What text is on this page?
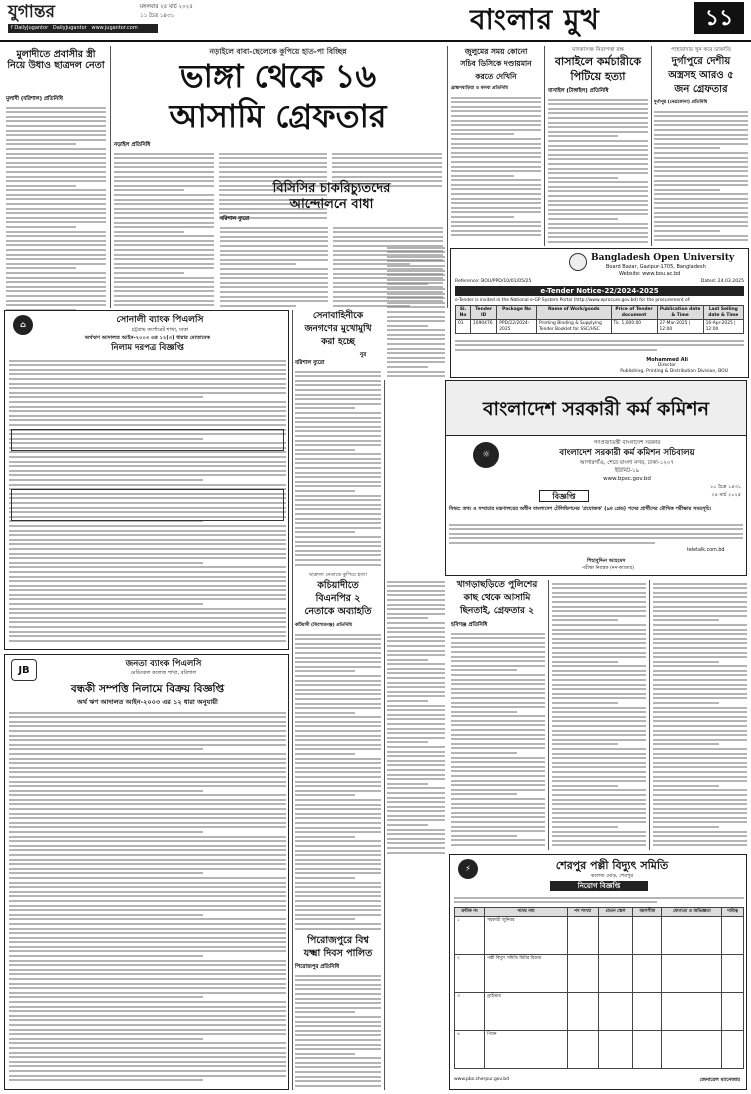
যুগান্তর	মঙ্গলবার ২৫ মার্চ ২০২৫
১১ চৈত্র ১৪৩১
f DailyJugantor DailyJugantor www.jugantor.com	বাংলার মুখ	১১
মুলাদীতে প্রবাসীর স্ত্রী নিয়ে উধাও ছাত্রদল নেতা
মুলাদী (বরিশাল) প্রতিনিধি
নড়াইলে বাবা-ছেলেকে কুপিয়ে হাত-পা বিচ্ছিন্ন
ভাঙ্গা থেকে ১৬
আসামি গ্রেফতার
নড়াইল প্রতিনিধি
বিসিসির চাকরিচ্যুতদের
আন্দোলনে বাধা
বরিশাল ব্যুরো
জুলুমের সময় কোনো
সচিব ডিসিকে দণ্ডায়মান
করতে দেখিনি
ব্রাহ্মণবাড়িয়া ও কসবা প্রতিনিধি
মাদকাসক্ত নিরাপত্তা রক্ষ
বাসাইলে কর্মচারীকে
পিটিয়ে হত্যা
বাসাইল (টাঙ্গাইল) প্রতিনিধি
পাহারাদার খুন করে ডাকাতি
দুর্গাপুরে দেশীয়
অস্ত্রসহ আরও ৫
জন গ্রেফতার
দুর্গাপুর (নেত্রকোনা) প্রতিনিধি
Bangladesh Open University
Board Bazar, Gazipur-1705, Bangladesh
Website: www.bou.ac.bd
Reference: BOU/PPD/10/01/05/25	Dated: 24.03.2025
e-Tender Notice-22/2024-2025
e-Tender is invited in the National e-GP System Portal (http://www.eprocure.gov.bd) for the procurement of:
Sl. No	Tender ID	Package No	Name of Work/goods	Price of Tender document	Publication date & Time	Last Selling date & Time
01	1090476	PPD/22/2024-2025	Printing Binding & Supplying Tender Booklet for SSC/HSC	Tk. 1,000.00	27-Mar-2025 | 12:00	16-Apr-2025 | 12:00
Mohammed Ali
Director
Publishing, Printing & Distribution Division, BOU
⌂	সোনালী ব্যাংক পিএলসি
চট্টগ্রাম কর্পোরেট শাখা, ঢাকা
অর্থঋণ আদালত আইন-২০০৩ এর ১২(৩) ধারার মোতাবেক
নিলাম দরপত্র বিজ্ঞপ্তি
সেনাবাহিনীকে
জনগণের মুখোমুখি
করা হচ্ছে
নুর
বরিশাল ব্যুরো
ছাত্রদল নেতাকে কুপিয়ে হত্যা
কচিয়াদীতে
বিএনপির ২
নেতাকে অব্যাহতি
কটিয়াদী (কিশোরগঞ্জ) প্রতিনিধি
পিরোজপুরে বিশ্ব
যক্ষ্মা দিবস পালিত
পিরোজপুর প্রতিনিধি
বাংলাদেশ সরকারী কর্ম কমিশন
☼
গণপ্রজাতন্ত্রী বাংলাদেশ সরকার
বাংলাদেশ সরকারী কর্ম কমিশন সচিবালয়
আগারগাঁও, শেরে বাংলা নগর, ঢাকা-১২০৭
ইউনিট-১৯
www.bpsc.gov.bd
বিজ্ঞপ্তি
১০ চৈত্র ১৪৩১
২৪ মার্চ ২০২৫
বিষয়: তথ্য ও সম্প্রচার মন্ত্রণালয়ের অধীন বাংলাদেশ টেলিভিশনের 'প্রযোজক' (৯ম গ্রেড) পদের প্রার্থীদের মৌখিক পরীক্ষার সময়সূচি।
teletalk.com.bd
শিহাবুদ্দিন আহমেদ
পরীক্ষা নিয়ন্ত্রক (নন-ক্যাডার)
JB
জনতা ব্যাংক পিএলসি
মেডিকেল কলেজ শাখা, বরিশাল
বন্ধকী সম্পত্তি নিলামে বিক্রয় বিজ্ঞপ্তি
অর্থ ঋণ আদালত আইন-২০০৩ এর ১২ ধারা অনুযায়ী
⚡	শেরপুর পল্লী বিদ্যুৎ সমিতি
কলেজ মোড়, শেরপুর
নিয়োগ বিজ্ঞপ্তি
ক্রমিক নং	পদের নাম	পদ সংখ্যা	বেতন স্কেল	বয়সসীমা	যোগ্যতা ও অভিজ্ঞতা	দায়িত্ব
১	সহকারী জুনিয়র					
২	পল্লী বিদ্যুৎ সমিতি মিটার রিডার					
৩	ড্রাইভার					
৪	পিয়ন					
www.pbs.sherpur.gov.bd	জেনারেল ম্যানেজার
খাগড়াছড়িতে পুলিশের
কাছ থেকে আসামি
ছিনতাই, গ্রেফতার ২
হবিগঞ্জ প্রতিনিধি
